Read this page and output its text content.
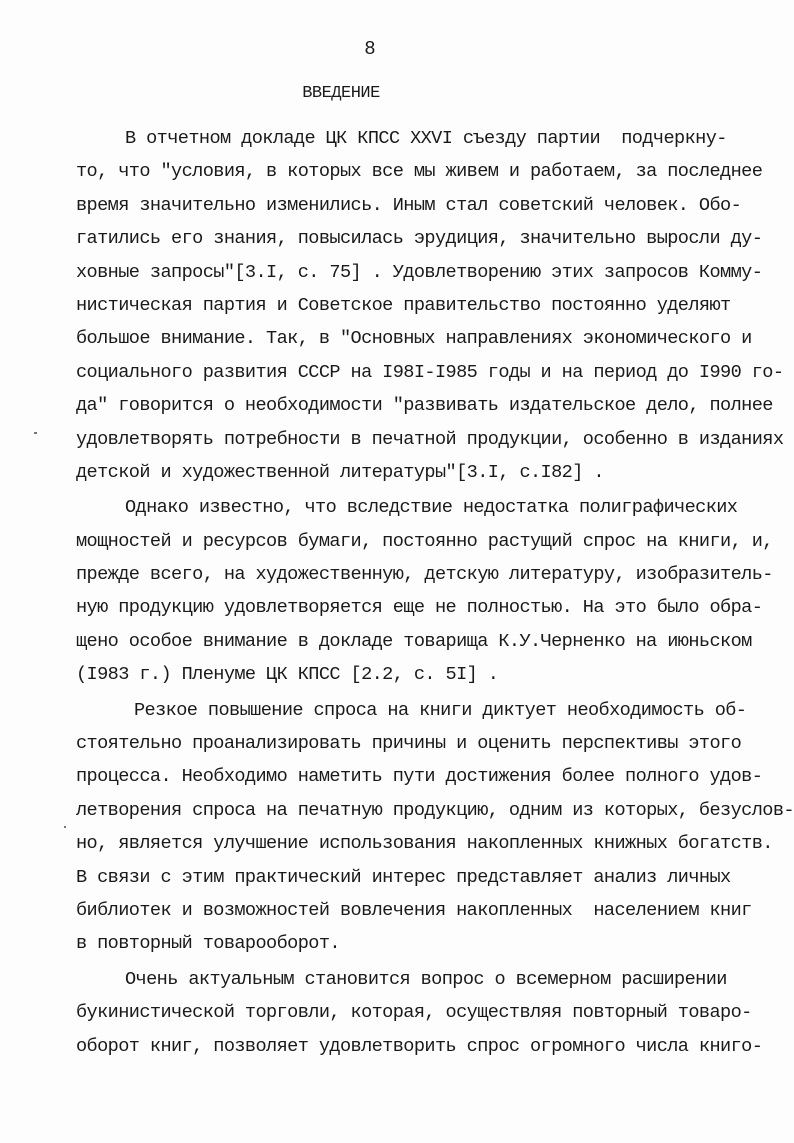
8
ВВЕДЕНИЕ
В отчетном докладе ЦК КПСС ХХVI съезду партии  подчеркну-
то, что "условия, в которых все мы живем и работаем, за последнее
время значительно изменились. Иным стал советский человек. Обо-
гатились его знания, повысилась эрудиция, значительно выросли ду-
ховные запросы"[3.I, с. 75] . Удовлетворению этих запросов Комму-
нистическая партия и Советское правительство постоянно уделяют
большое внимание. Так, в "Основных направлениях экономического и
социального развития СССР на I98I-I985 годы и на период до I990 го-
да" говорится о необходимости "развивать издательское дело, полнее
удовлетворять потребности в печатной продукции, особенно в изданиях
детской и художественной литературы"[3.I, с.I82] .
Однако известно, что вследствие недостатка полиграфических
мощностей и ресурсов бумаги, постоянно растущий спрос на книги, и,
прежде всего, на художественную, детскую литературу, изобразитель-
ную продукцию удовлетворяется еще не полностью. На это было обра-
щено особое внимание в докладе товарища К.У.Черненко на июньском
(I983 г.) Пленуме ЦК КПСС [2.2, с. 5I] .
Резкое повышение спроса на книги диктует необходимость об-
стоятельно проанализировать причины и оценить перспективы этого
процесса. Необходимо наметить пути достижения более полного удов-
летворения спроса на печатную продукцию, одним из которых, безуслов-
но, является улучшение использования накопленных книжных богатств.
В связи с этим практический интерес представляет анализ личных
библиотек и возможностей вовлечения накопленных  населением книг
в повторный товарооборот.
Очень актуальным становится вопрос о всемерном расширении
букинистической торговли, которая, осуществляя повторный товаро-
оборот книг, позволяет удовлетворить спрос огромного числа книго-
